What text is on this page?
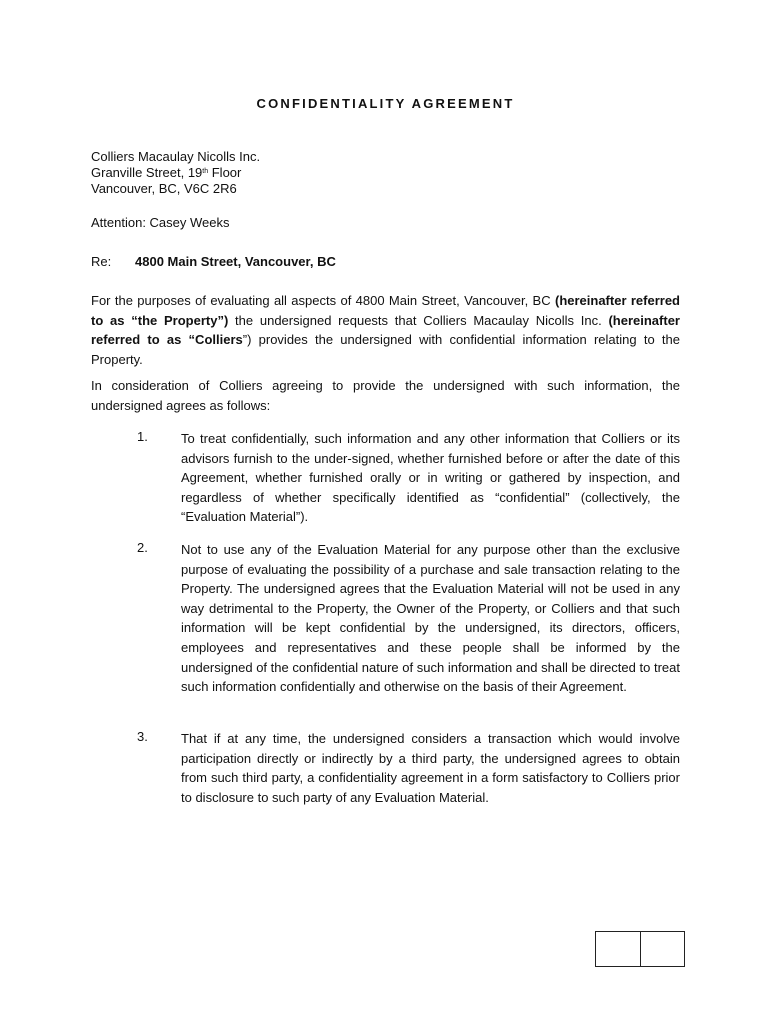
CONFIDENTIALITY AGREEMENT
Colliers Macaulay Nicolls Inc.
Granville Street, 19th Floor
Vancouver, BC, V6C 2R6
Attention: Casey Weeks
Re: 4800 Main Street, Vancouver, BC
For the purposes of evaluating all aspects of 4800 Main Street, Vancouver, BC (hereinafter referred to as “the Property”) the undersigned requests that Colliers Macaulay Nicolls Inc. (hereinafter referred to as “Colliers”) provides the undersigned with confidential information relating to the Property.
In consideration of Colliers agreeing to provide the undersigned with such information, the undersigned agrees as follows:
1.	To treat confidentially, such information and any other information that Colliers or its advisors furnish to the under-signed, whether furnished before or after the date of this Agreement, whether furnished orally or in writing or gathered by inspection, and regardless of whether specifically identified as “confidential” (collectively, the “Evaluation Material”).
2.	Not to use any of the Evaluation Material for any purpose other than the exclusive purpose of evaluating the possibility of a purchase and sale transaction relating to the Property. The undersigned agrees that the Evaluation Material will not be used in any way detrimental to the Property, the Owner of the Property, or Colliers and that such information will be kept confidential by the undersigned, its directors, officers, employees and representatives and these people shall be informed by the undersigned of the confidential nature of such information and shall be directed to treat such information confidentially and otherwise on the basis of their Agreement.
3.	That if at any time, the undersigned considers a transaction which would involve participation directly or indirectly by a third party, the undersigned agrees to obtain from such third party, a confidentiality agreement in a form satisfactory to Colliers prior to disclosure to such party of any Evaluation Material.
